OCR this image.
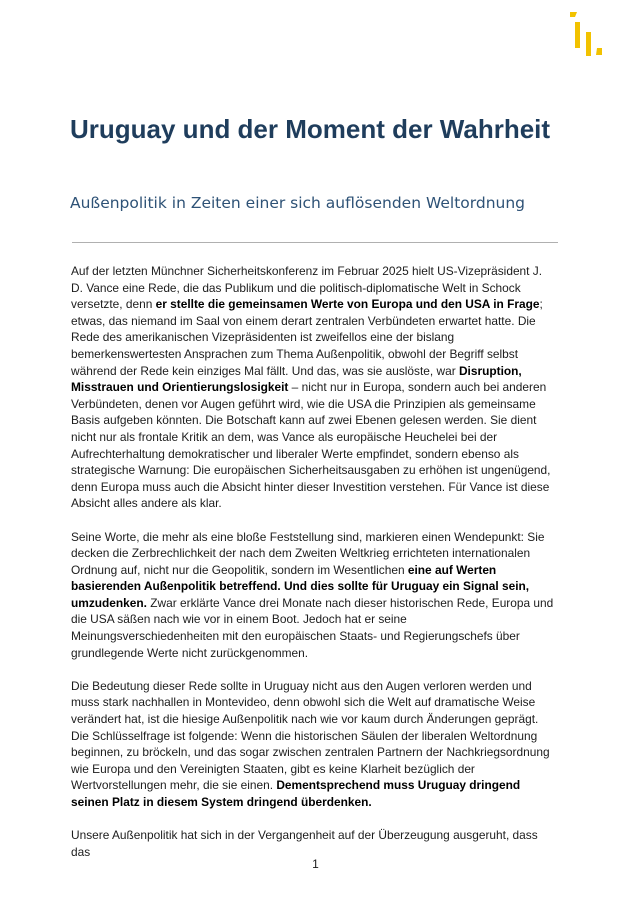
Uruguay und der Moment der Wahrheit
Außenpolitik in Zeiten einer sich auflösenden Weltordnung

Auf der letzten Münchner Sicherheitskonferenz im Februar 2025 hielt US-Vizepräsident J. D. Vance eine Rede, die das Publikum und die politisch-diplomatische Welt in Schock versetzte, denn er stellte die gemeinsamen Werte von Europa und den USA in Frage; etwas, das niemand im Saal von einem derart zentralen Verbündeten erwartet hatte. Die Rede des amerikanischen Vizepräsidenten ist zweifellos eine der bislang bemerkenswertesten Ansprachen zum Thema Außenpolitik, obwohl der Begriff selbst während der Rede kein einziges Mal fällt. Und das, was sie auslöste, war Disruption, Misstrauen und Orientierungslosigkeit – nicht nur in Europa, sondern auch bei anderen Verbündeten, denen vor Augen geführt wird, wie die USA die Prinzipien als gemeinsame Basis aufgeben könnten. Die Botschaft kann auf zwei Ebenen gelesen werden. Sie dient nicht nur als frontale Kritik an dem, was Vance als europäische Heuchelei bei der Aufrechterhaltung demokratischer und liberaler Werte empfindet, sondern ebenso als strategische Warnung: Die europäischen Sicherheitsausgaben zu erhöhen ist ungenügend, denn Europa muss auch die Absicht hinter dieser Investition verstehen. Für Vance ist diese Absicht alles andere als klar.

Seine Worte, die mehr als eine bloße Feststellung sind, markieren einen Wendepunkt: Sie decken die Zerbrechlichkeit der nach dem Zweiten Weltkrieg errichteten internationalen Ordnung auf, nicht nur die Geopolitik, sondern im Wesentlichen eine auf Werten basierenden Außenpolitik betreffend. Und dies sollte für Uruguay ein Signal sein, umzudenken. Zwar erklärte Vance drei Monate nach dieser historischen Rede, Europa und die USA säßen nach wie vor in einem Boot. Jedoch hat er seine Meinungsverschiedenheiten mit den europäischen Staats- und Regierungschefs über grundlegende Werte nicht zurückgenommen.

Die Bedeutung dieser Rede sollte in Uruguay nicht aus den Augen verloren werden und muss stark nachhallen in Montevideo, denn obwohl sich die Welt auf dramatische Weise verändert hat, ist die hiesige Außenpolitik nach wie vor kaum durch Änderungen geprägt. Die Schlüsselfrage ist folgende: Wenn die historischen Säulen der liberalen Weltordnung beginnen, zu bröckeln, und das sogar zwischen zentralen Partnern der Nachkriegsordnung wie Europa und den Vereinigten Staaten, gibt es keine Klarheit bezüglich der Wertvorstellungen mehr, die sie einen. Dementsprechend muss Uruguay dringend seinen Platz in diesem System dringend überdenken.

Unsere Außenpolitik hat sich in der Vergangenheit auf der Überzeugung ausgeruht, dass das

1
